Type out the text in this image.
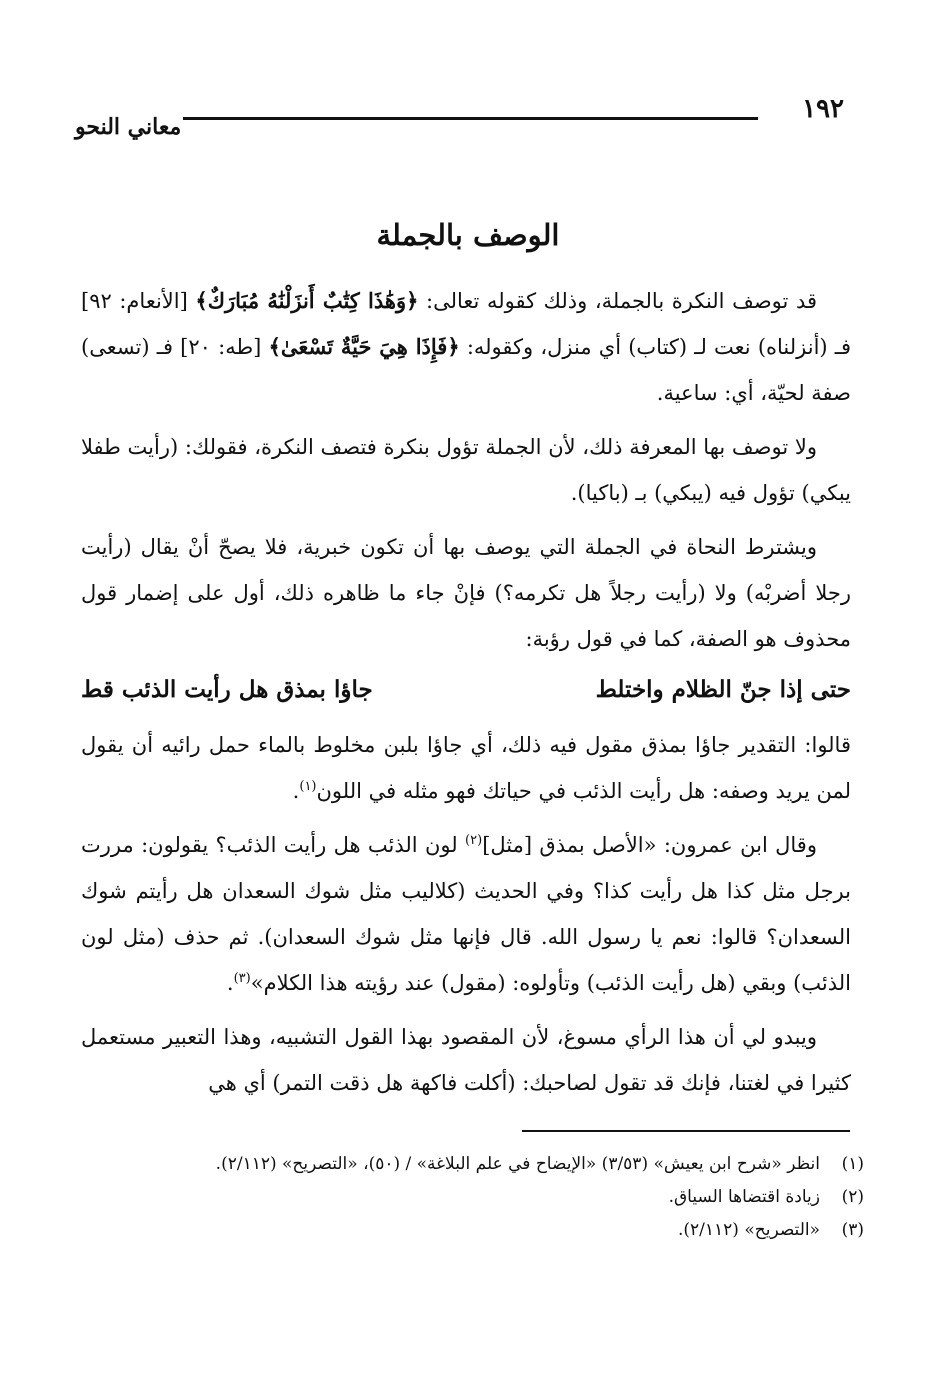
١٩٢
معاني النحو
الوصف بالجملة

قد توصف النكرة بالجملة، وذلك كقوله تعالى: ﴿وَهَٰذَا كِتَٰبٌ أَنزَلْنَٰهُ مُبَارَكٌ﴾ [الأنعام: ٩٢] فـ (أنزلناه) نعت لـ (كتاب) أي منزل، وكقوله: ﴿فَإِذَا هِيَ حَيَّةٌ تَسْعَىٰ﴾ [طه: ٢٠] فـ (تسعى) صفة لحيّة، أي: ساعية.

ولا توصف بها المعرفة ذلك، لأن الجملة تؤول بنكرة فتصف النكرة، فقولك: (رأيت طفلا يبكي) تؤول فيه (يبكي) بـ (باكيا).

ويشترط النحاة في الجملة التي يوصف بها أن تكون خبرية، فلا يصحّ أنْ يقال (رأيت رجلا أضربْه) ولا (رأيت رجلاً هل تكرمه؟) فإنْ جاء ما ظاهره ذلك، أول على إضمار قول محذوف هو الصفة، كما في قول رؤبة:

حتى إذا جنّ الظلام واختلط
جاؤا بمذق هل رأيت الذئب قط

قالوا: التقدير جاؤا بمذق مقول فيه ذلك، أي جاؤا بلبن مخلوط بالماء حمل رائيه أن يقول لمن يريد وصفه: هل رأيت الذئب في حياتك فهو مثله في اللون$^{(١)}$.

وقال ابن عمرون: «الأصل بمذق [مثل]$^{(٢)}$ لون الذئب هل رأيت الذئب؟ يقولون: مررت برجل مثل كذا هل رأيت كذا؟ وفي الحديث (كلاليب مثل شوك السعدان هل رأيتم شوك السعدان؟ قالوا: نعم يا رسول الله. قال فإنها مثل شوك السعدان). ثم حذف (مثل لون الذئب) وبقي (هل رأيت الذئب) وتأولوه: (مقول) عند رؤيته هذا الكلام»$^{(٣)}$.

ويبدو لي أن هذا الرأي مسوغ، لأن المقصود بهذا القول التشبيه، وهذا التعبير مستعمل كثيرا في لغتنا، فإنك قد تقول لصاحبك: (أكلت فاكهة هل ذقت التمر) أي هي

(١)
انظر «شرح ابن يعيش» (٣/٥٣) «الإيضاح في علم البلاغة» / (٥٠)، «التصريح» (٢/١١٢).
(٢)
زيادة اقتضاها السياق.
(٣)
«التصريح» (٢/١١٢).
